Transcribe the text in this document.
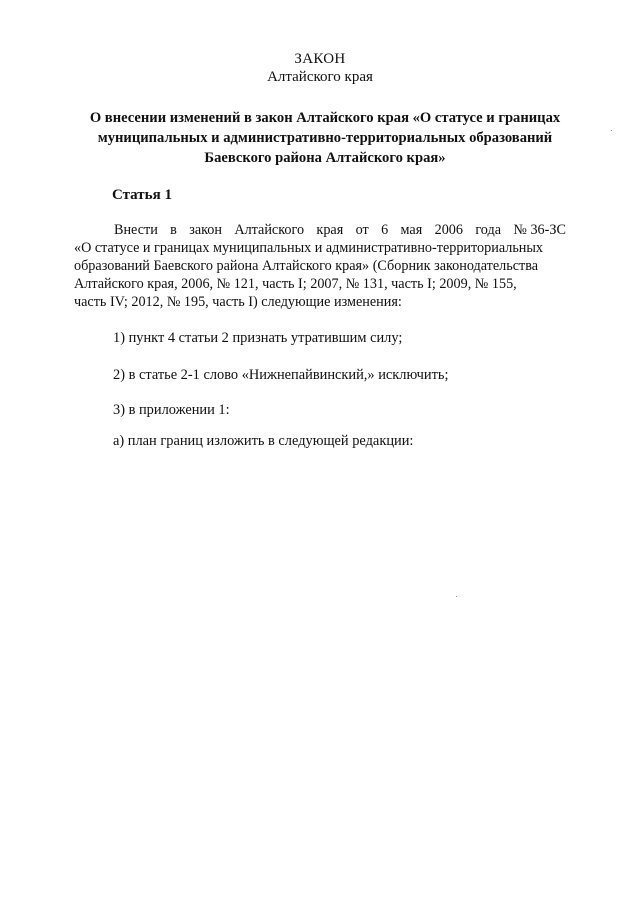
ЗАКОН
Алтайского края
О внесении изменений в закон Алтайского края «О статусе и границах
муниципальных и административно-территориальных образований
Баевского района Алтайского края»
Статья 1
Внести в закон Алтайского края от 6 мая 2006 года № 36-ЗС
«О статусе и границах муниципальных и административно-территориальных
образований Баевского района Алтайского края» (Сборник законодательства
Алтайского края, 2006, № 121, часть I; 2007, № 131, часть I; 2009, № 155,
часть IV; 2012, № 195, часть I) следующие изменения:
1) пункт 4 статьи 2 признать утратившим силу;
2) в статье 2-1 слово «Нижнепайвинский,» исключить;
3) в приложении 1:
а) план границ изложить в следующей редакции:
